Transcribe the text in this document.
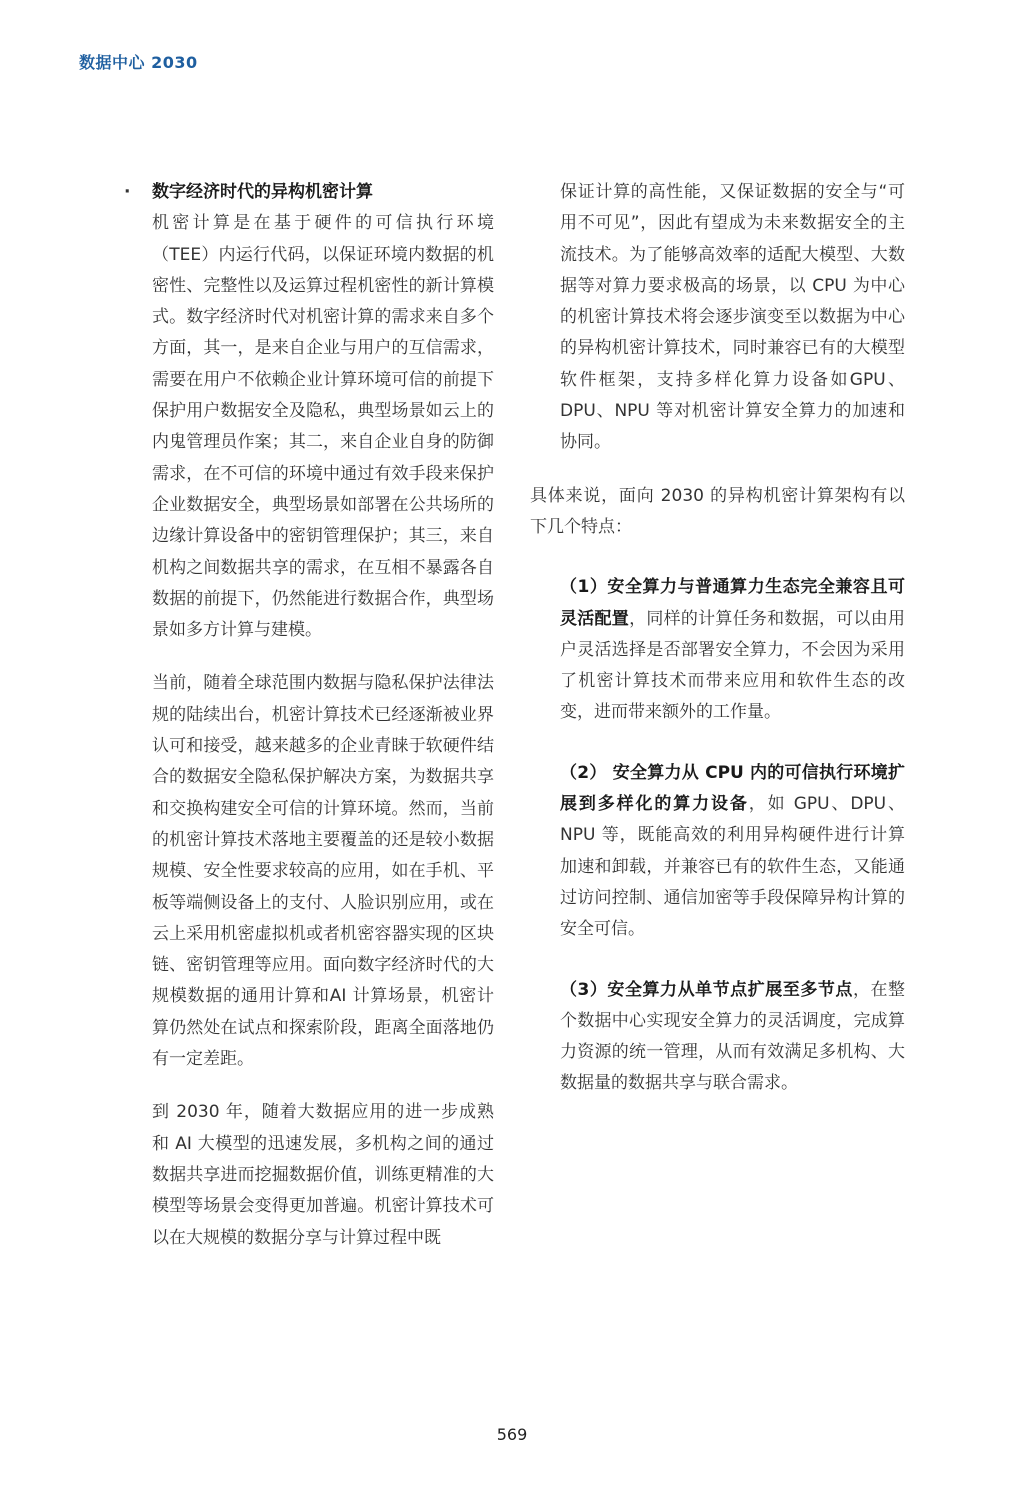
数据中心 2030

· 数字经济时代的异构机密计算

机密计算是在基于硬件的可信执行环境（TEE）内运行代码，以保证环境内数据的机密性、完整性以及运算过程机密性的新计算模式。数字经济时代对机密计算的需求来自多个方面，其一，是来自企业与用户的互信需求，需要在用户不依赖企业计算环境可信的前提下保护用户数据安全及隐私，典型场景如云上的内鬼管理员作案；其二，来自企业自身的防御需求，在不可信的环境中通过有效手段来保护企业数据安全，典型场景如部署在公共场所的边缘计算设备中的密钥管理保护；其三，来自机构之间数据共享的需求，在互相不暴露各自数据的前提下，仍然能进行数据合作，典型场景如多方计算与建模。

当前，随着全球范围内数据与隐私保护法律法规的陆续出台，机密计算技术已经逐渐被业界认可和接受，越来越多的企业青睐于软硬件结合的数据安全隐私保护解决方案，为数据共享和交换构建安全可信的计算环境。然而，当前的机密计算技术落地主要覆盖的还是较小数据规模、安全性要求较高的应用，如在手机、平板等端侧设备上的支付、人脸识别应用，或在云上采用机密虚拟机或者机密容器实现的区块链、密钥管理等应用。面向数字经济时代的大规模数据的通用计算和AI 计算场景，机密计算仍然处在试点和探索阶段，距离全面落地仍有一定差距。

到 2030 年，随着大数据应用的进一步成熟和 AI 大模型的迅速发展，多机构之间的通过数据共享进而挖掘数据价值，训练更精准的大模型等场景会变得更加普遍。机密计算技术可以在大规模的数据分享与计算过程中既

保证计算的高性能，又保证数据的安全与“可用不可见”，因此有望成为未来数据安全的主流技术。为了能够高效率的适配大模型、大数据等对算力要求极高的场景，以 CPU 为中心的机密计算技术将会逐步演变至以数据为中心的异构机密计算技术，同时兼容已有的大模型软件框架，支持多样化算力设备如GPU、DPU、NPU 等对机密计算安全算力的加速和协同。

具体来说，面向 2030 的异构机密计算架构有以下几个特点：

（1）安全算力与普通算力生态完全兼容且可灵活配置，同样的计算任务和数据，可以由用户灵活选择是否部署安全算力，不会因为采用了机密计算技术而带来应用和软件生态的改变，进而带来额外的工作量。

（2） 安全算力从 CPU 内的可信执行环境扩展到多样化的算力设备，如 GPU、DPU、NPU 等，既能高效的利用异构硬件进行计算加速和卸载，并兼容已有的软件生态，又能通过访问控制、通信加密等手段保障异构计算的安全可信。

（3）安全算力从单节点扩展至多节点，在整个数据中心实现安全算力的灵活调度，完成算力资源的统一管理，从而有效满足多机构、大数据量的数据共享与联合需求。

569
